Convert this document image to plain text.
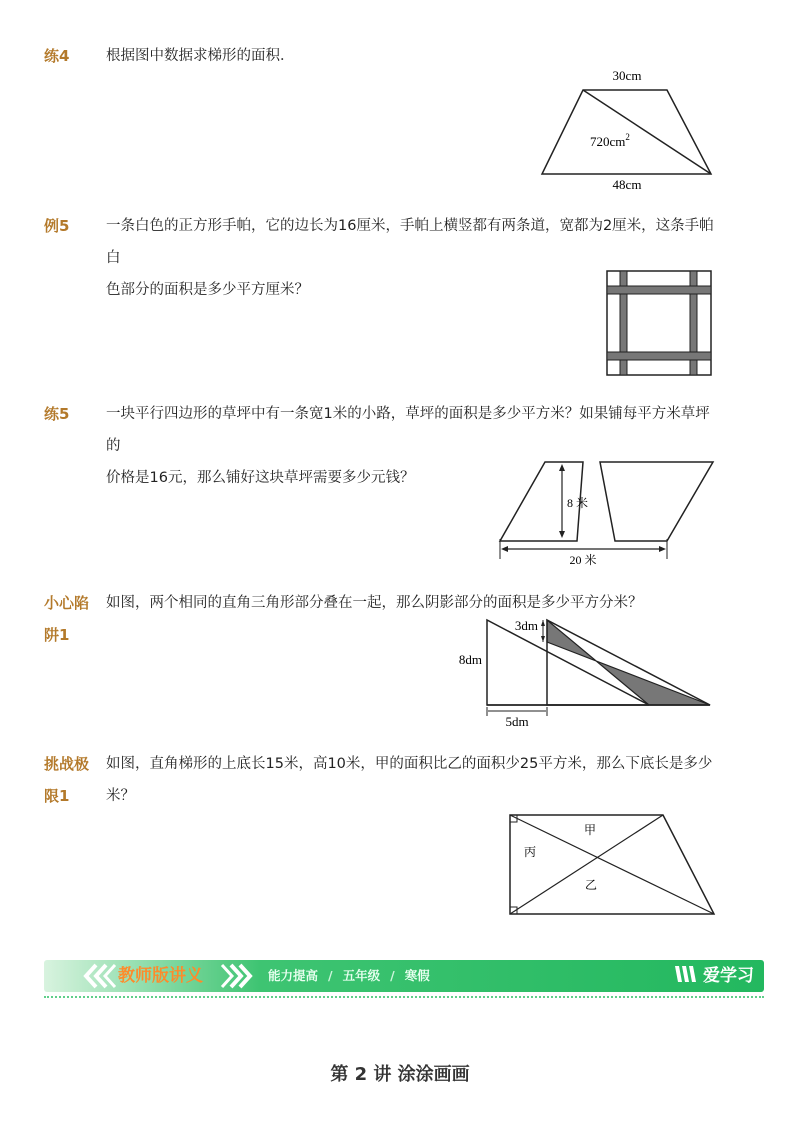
练4	根据图中数据求梯形的面积．
30cm
$720cm^2$
48cm
例5	一条白色的正方形手帕，它的边长为16厘米，手帕上横竖都有两条道，宽都为2厘米，这条手帕白
色部分的面积是多少平方厘米？
练5	一块平行四边形的草坪中有一条宽1米的小路，草坪的面积是多少平方米？如果铺每平方米草坪的
价格是16元，那么铺好这块草坪需要多少元钱？
8 米
20 米
小心陷
阱1
如图，两个相同的直角三角形部分叠在一起，那么阴影部分的面积是多少平方分米？
3dm
8dm
5dm
挑战极
限1
如图，直角梯形的上底长15米，高10米，甲的面积比乙的面积少25平方米，那么下底长是多少
米？
甲
丙
乙
教师版讲义	能力提高 / 五年级 / 寒假	爱学习
第 2 讲 涂涂画画
